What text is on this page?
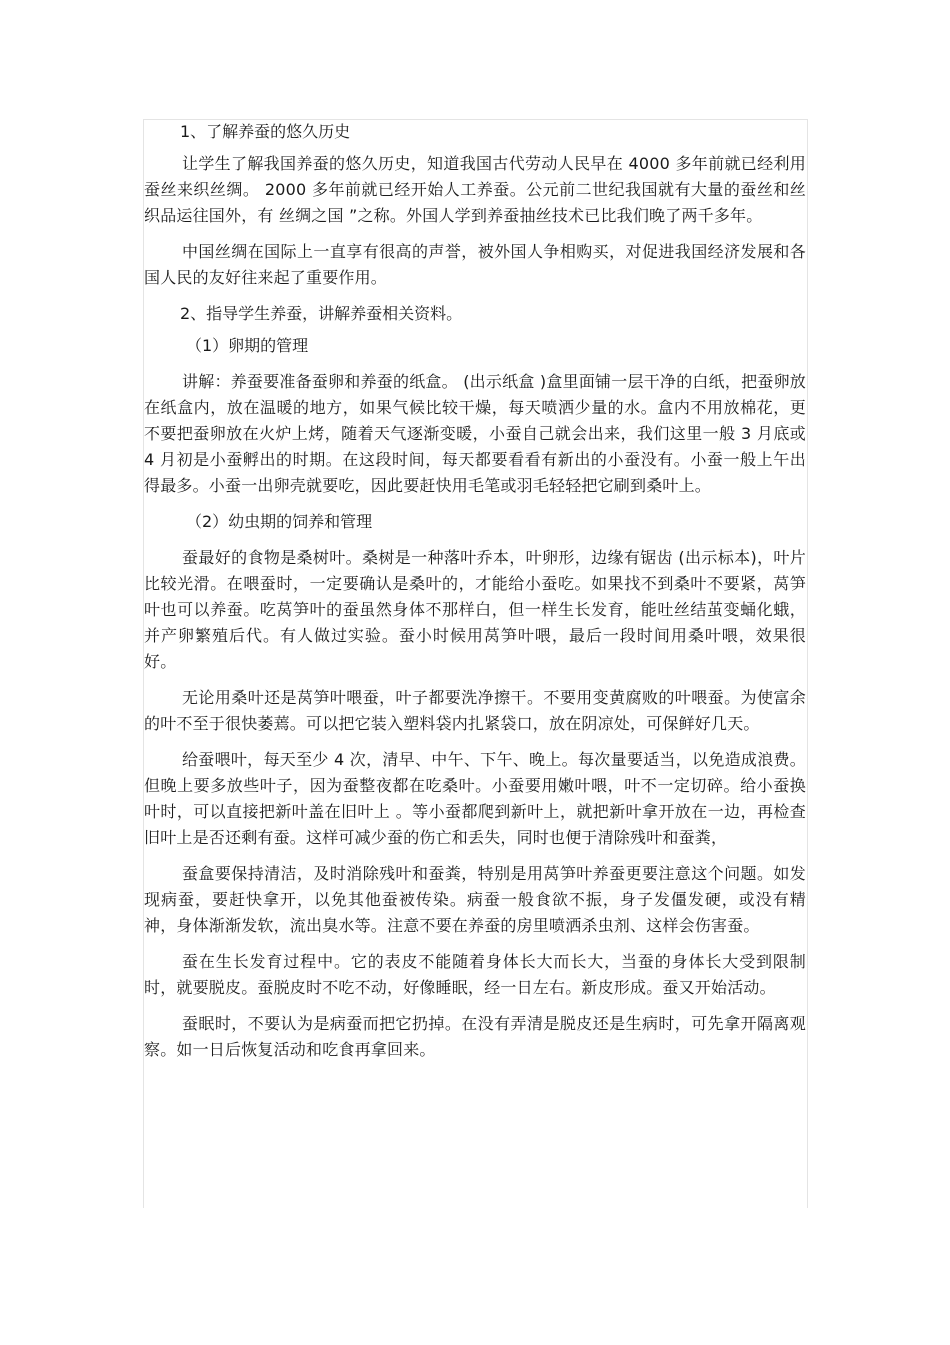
1、了解养蚕的悠久历史

让学生了解我国养蚕的悠久历史，知道我国古代劳动人民早在 4000 多年前就已经利用蚕丝来织丝绸。 2000 多年前就已经开始人工养蚕。公元前二世纪我国就有大量的蚕丝和丝织品运往国外，有 丝绸之国 ”之称。外国人学到养蚕抽丝技术已比我们晚了两千多年。

中国丝绸在国际上一直享有很高的声誉，被外国人争相购买，对促进我国经济发展和各国人民的友好往来起了重要作用。

2、指导学生养蚕，讲解养蚕相关资料。

（1）卵期的管理

讲解：养蚕要准备蚕卵和养蚕的纸盒。 (出示纸盒 )盒里面铺一层干净的白纸，把蚕卵放在纸盒内，放在温暖的地方，如果气候比较干燥，每天喷洒少量的水。盒内不用放棉花，更不要把蚕卵放在火炉上烤，随着天气逐渐变暖，小蚕自己就会出来，我们这里一般 3 月底或 4 月初是小蚕孵出的时期。在这段时间，每天都要看看有新出的小蚕没有。小蚕一般上午出得最多。小蚕一出卵壳就要吃，因此要赶快用毛笔或羽毛轻轻把它刷到桑叶上。

（2）幼虫期的饲养和管理

蚕最好的食物是桑树叶。桑树是一种落叶乔本，叶卵形，边缘有锯齿 (出示标本)，叶片比较光滑。在喂蚕时，一定要确认是桑叶的，才能给小蚕吃。如果找不到桑叶不要紧，莴笋叶也可以养蚕。吃莴笋叶的蚕虽然身体不那样白，但一样生长发育，能吐丝结茧变蛹化蛾，并产卵繁殖后代。有人做过实验。蚕小时候用莴笋叶喂，最后一段时间用桑叶喂，效果很好。

无论用桑叶还是莴笋叶喂蚕，叶子都要洗净擦干。不要用变黄腐败的叶喂蚕。为使富余的叶不至于很快萎蔫。可以把它装入塑料袋内扎紧袋口，放在阴凉处，可保鲜好几天。

给蚕喂叶，每天至少 4 次，清早、中午、下午、晚上。每次量要适当，以免造成浪费。但晚上要多放些叶子，因为蚕整夜都在吃桑叶。小蚕要用嫩叶喂，叶不一定切碎。给小蚕换叶时，可以直接把新叶盖在旧叶上 。等小蚕都爬到新叶上，就把新叶拿开放在一边，再检查旧叶上是否还剩有蚕。这样可减少蚕的伤亡和丢失，同时也便于清除残叶和蚕粪，

蚕盒要保持清洁，及时消除残叶和蚕粪，特别是用莴笋叶养蚕更要注意这个问题。如发现病蚕，要赶快拿开，以免其他蚕被传染。病蚕一般食欲不振，身子发僵发硬，或没有精神，身体渐渐发软，流出臭水等。注意不要在养蚕的房里喷洒杀虫剂、这样会伤害蚕。

蚕在生长发育过程中。它的表皮不能随着身体长大而长大，当蚕的身体长大受到限制时，就要脱皮。蚕脱皮时不吃不动，好像睡眠，经一日左右。新皮形成。蚕又开始活动。

蚕眠时，不要认为是病蚕而把它扔掉。在没有弄清是脱皮还是生病时，可先拿开隔离观察。如一日后恢复活动和吃食再拿回来。
